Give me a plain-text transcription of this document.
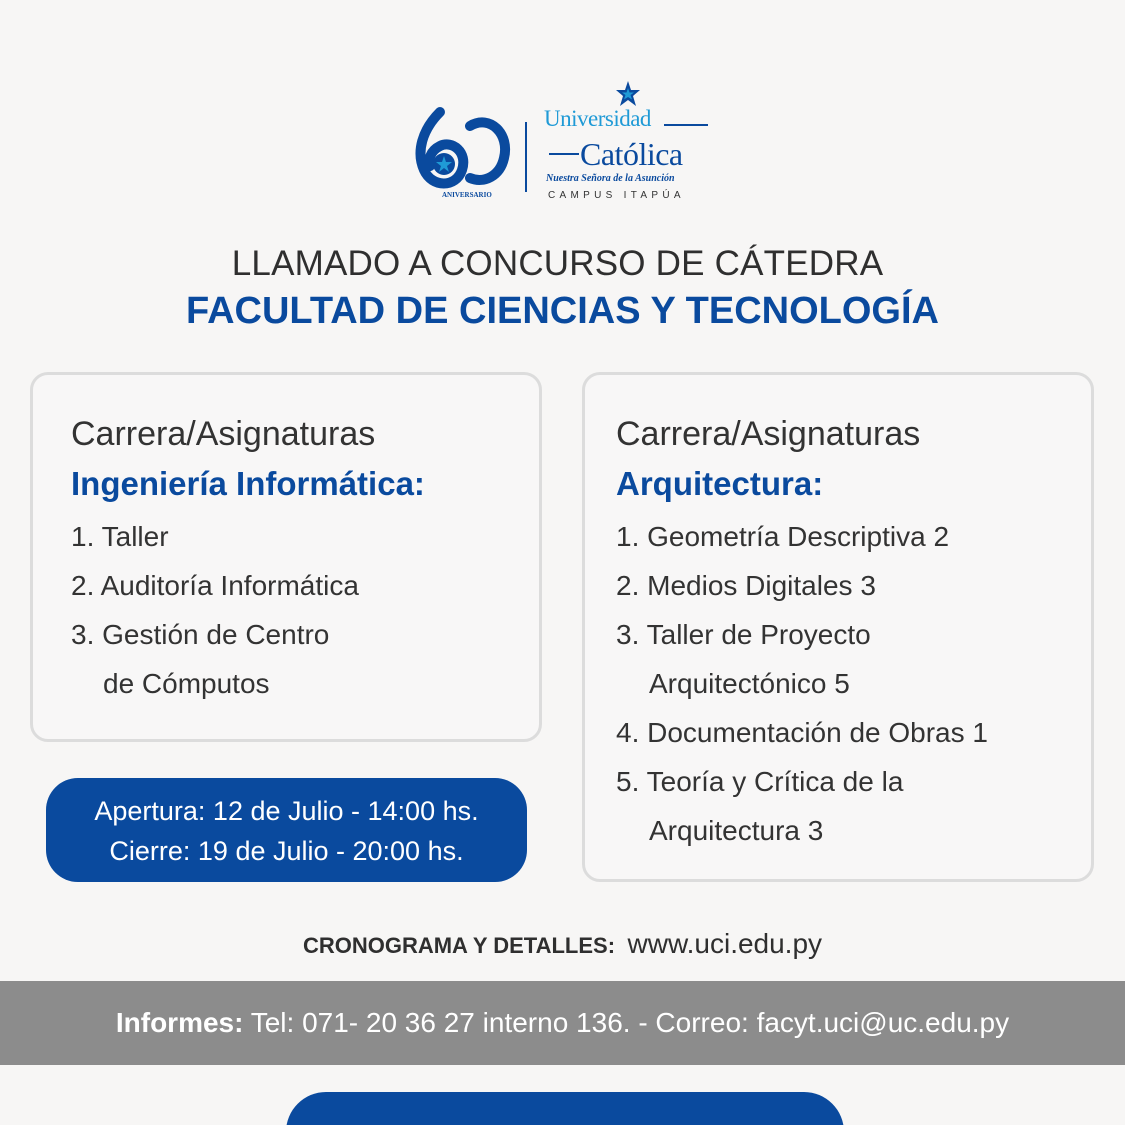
ANIVERSARIO
Universidad
Católica
Nuestra Señora de la Asunción
CAMPUS ITAPÚA
LLAMADO A CONCURSO DE CÁTEDRA
FACULTAD DE CIENCIAS Y TECNOLOGÍA
Carrera/Asignaturas
Ingeniería Informática:
1. Taller
2. Auditoría Informática
3. Gestión de Centro
de Cómputos
Apertura: 12 de Julio - 14:00 hs.
Cierre: 19 de Julio - 20:00 hs.
Carrera/Asignaturas
Arquitectura:
1. Geometría Descriptiva 2
2. Medios Digitales 3
3. Taller de Proyecto
Arquitectónico 5
4. Documentación de Obras 1
5. Teoría y Crítica de la
Arquitectura 3
CRONOGRAMA Y DETALLES: www.uci.edu.py
Informes: Tel: 071- 20 36 27 interno 136. - Correo: facyt.uci@uc.edu.py
